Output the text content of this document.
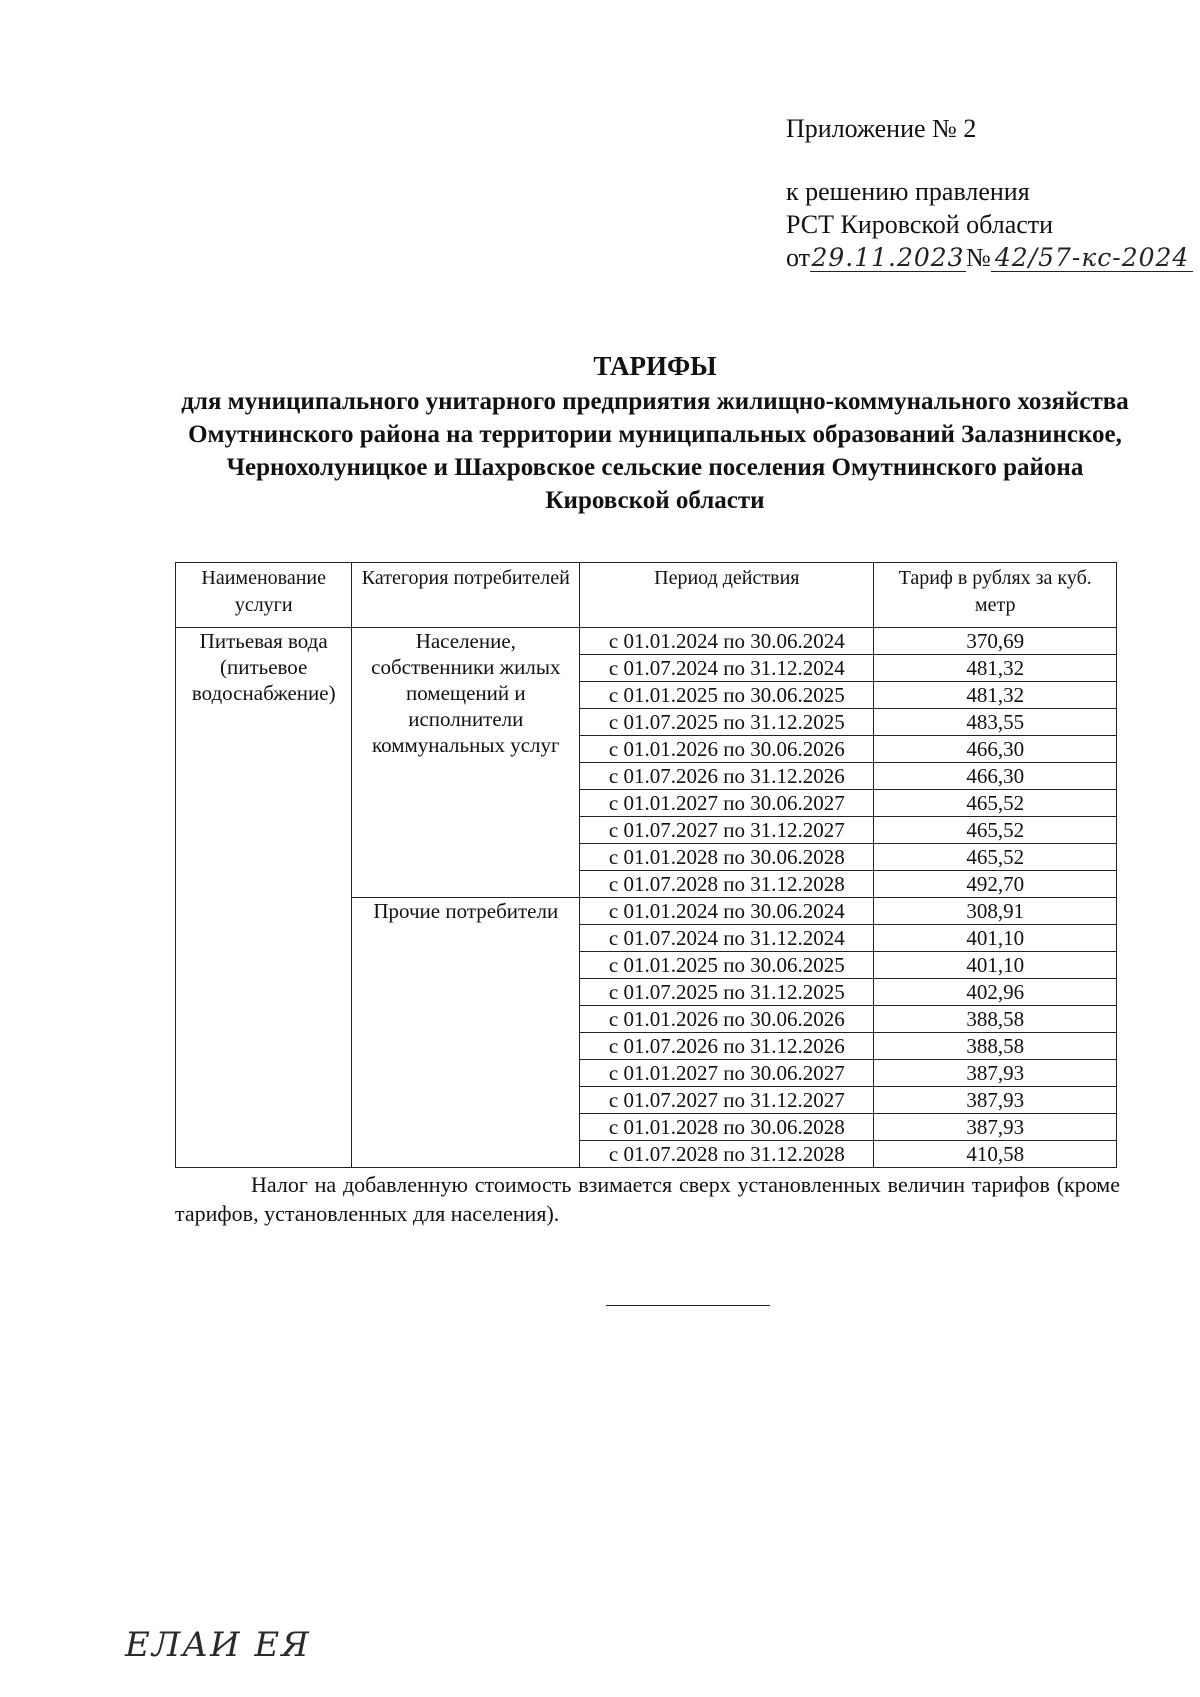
Приложение № 2
к решению правления
РСТ Кировской области
от29.11.2023№ 42/57-кс-2024
ТАРИФЫ
для муниципального унитарного предприятия жилищно-коммунального хозяйства Омутнинского района на территории муниципальных образований Залазнинское, Чернохолуницкое и Шахровское сельские поселения Омутнинского района Кировской области
Наименование услуги	Категория потребителей	Период действия	Тариф в рублях за куб. метр
Питьевая вода (питьевое водоснабжение)	Население, собственники жилых помещений и исполнители коммунальных услуг	с 01.01.2024 по 30.06.2024	370,69
		с 01.07.2024 по 31.12.2024	481,32
		с 01.01.2025 по 30.06.2025	481,32
		с 01.07.2025 по 31.12.2025	483,55
		с 01.01.2026 по 30.06.2026	466,30
		с 01.07.2026 по 31.12.2026	466,30
		с 01.01.2027 по 30.06.2027	465,52
		с 01.07.2027 по 31.12.2027	465,52
		с 01.01.2028 по 30.06.2028	465,52
		с 01.07.2028 по 31.12.2028	492,70
	Прочие потребители	с 01.01.2024 по 30.06.2024	308,91
		с 01.07.2024 по 31.12.2024	401,10
		с 01.01.2025 по 30.06.2025	401,10
		с 01.07.2025 по 31.12.2025	402,96
		с 01.01.2026 по 30.06.2026	388,58
		с 01.07.2026 по 31.12.2026	388,58
		с 01.01.2027 по 30.06.2027	387,93
		с 01.07.2027 по 31.12.2027	387,93
		с 01.01.2028 по 30.06.2028	387,93
		с 01.07.2028 по 31.12.2028	410,58
Налог на добавленную стоимость взимается сверх установленных величин тарифов (кроме тарифов, установленных для населения).
ЕЛАИ ЕЯ
